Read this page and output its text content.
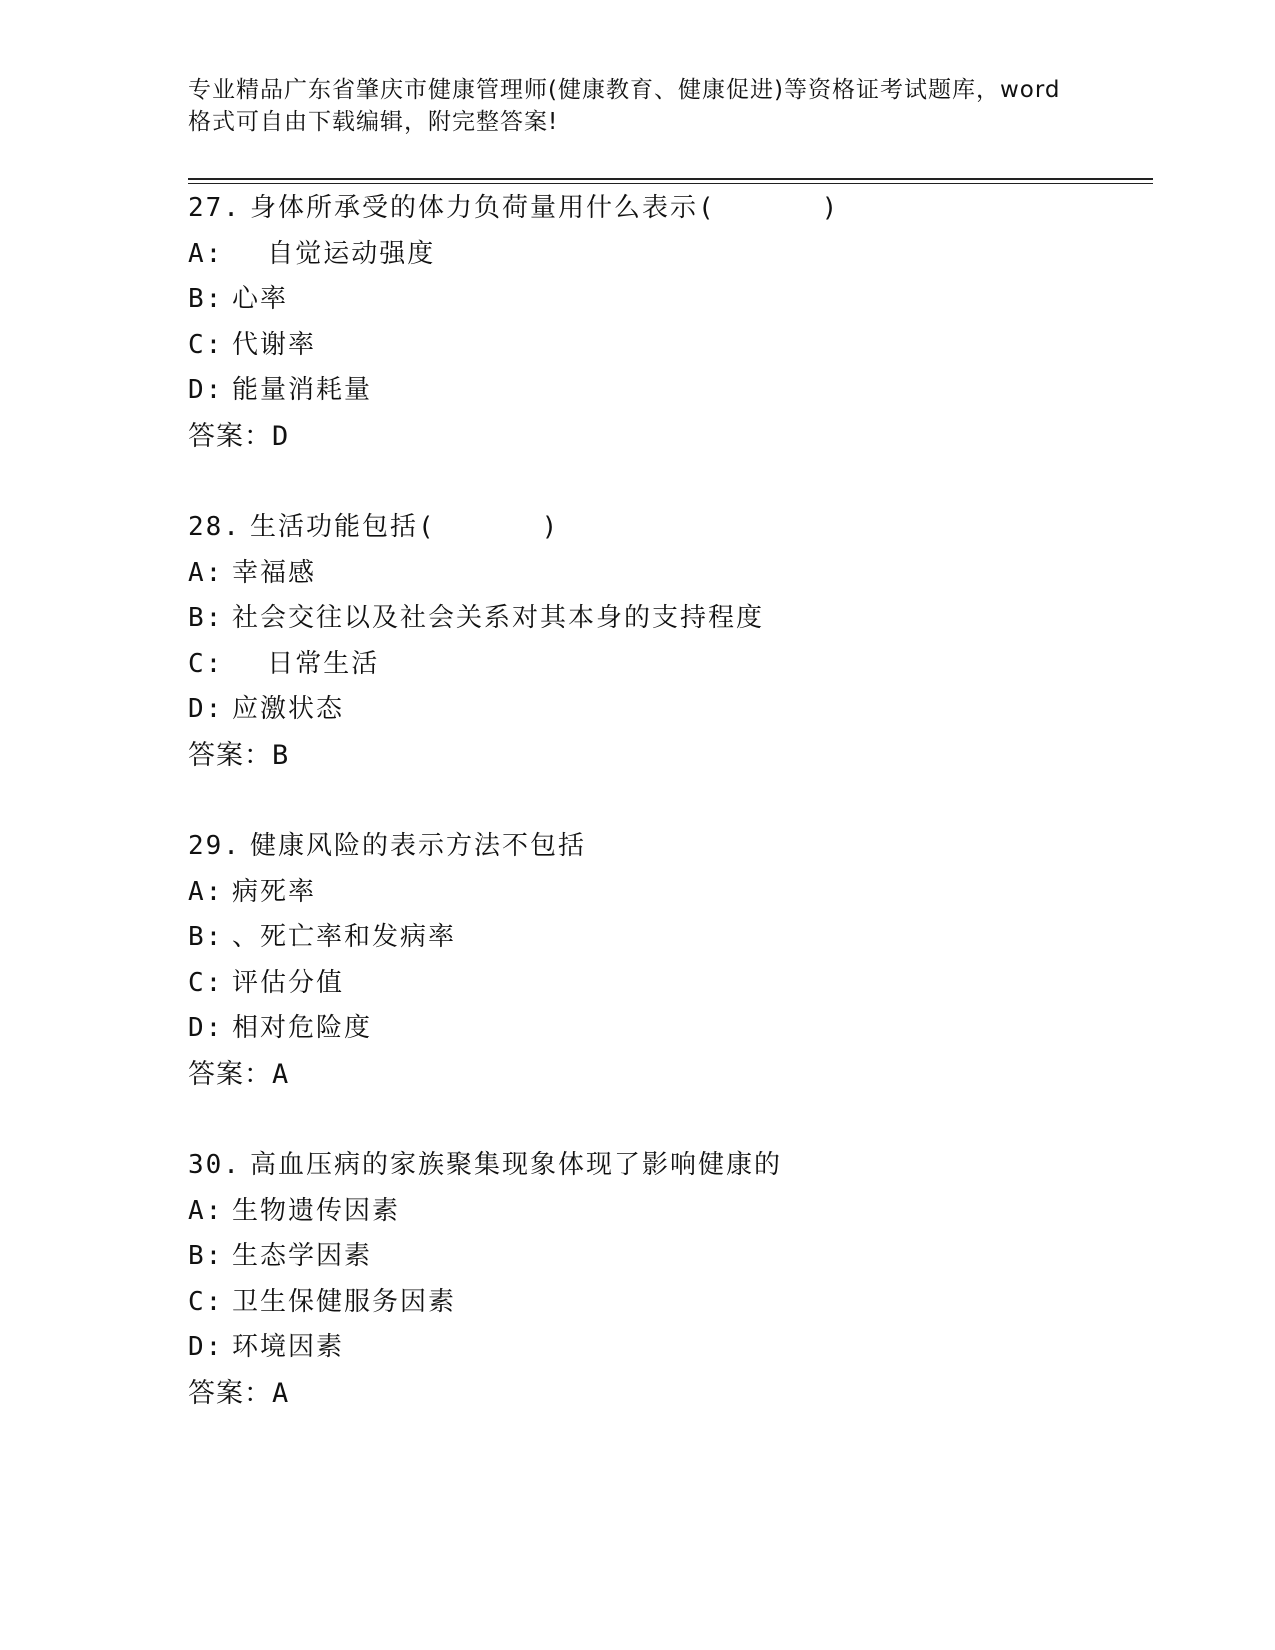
专业精品广东省肇庆市健康管理师(健康教育、健康促进)等资格证考试题库，word
格式可自由下载编辑，附完整答案!
27. 身体所承受的体力负荷量用什么表示(      )
A:  自觉运动强度
B: 心率
C: 代谢率
D: 能量消耗量
答案：D
28. 生活功能包括(      )
A: 幸福感
B: 社会交往以及社会关系对其本身的支持程度
C:  日常生活
D: 应激状态
答案：B
29. 健康风险的表示方法不包括
A: 病死率
B: 、死亡率和发病率
C: 评估分值
D: 相对危险度
答案：A
30. 高血压病的家族聚集现象体现了影响健康的
A: 生物遗传因素
B: 生态学因素
C: 卫生保健服务因素
D: 环境因素
答案：A
